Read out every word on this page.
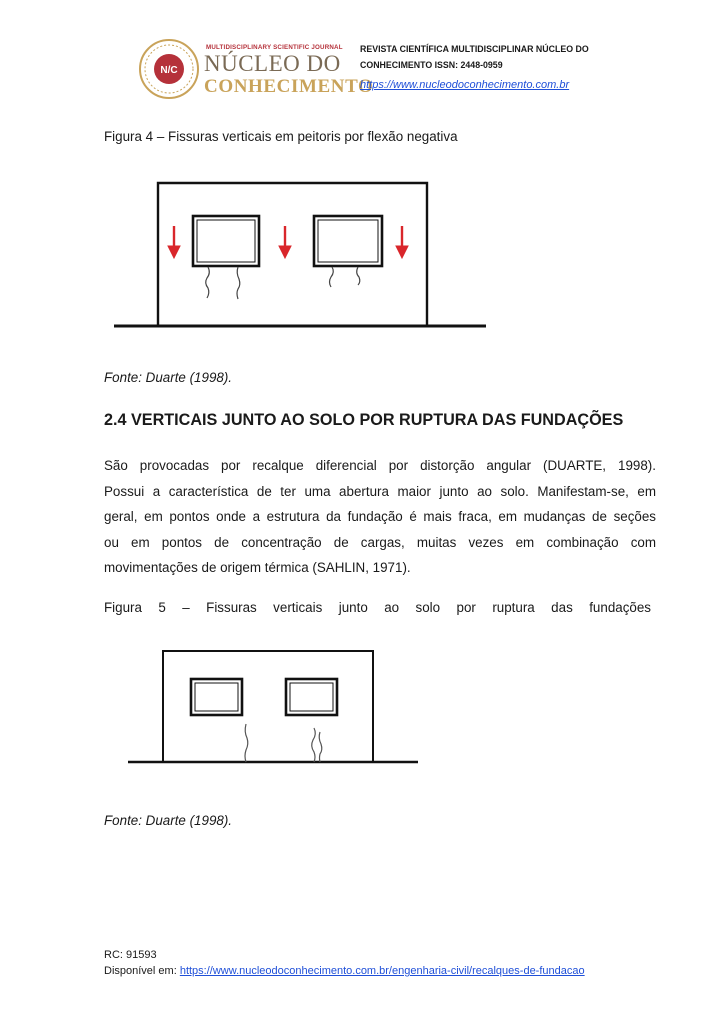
N/C
MULTIDISCIPLINARY SCIENTIFIC JOURNAL
NÚCLEO DO
CONHECIMENTO
REVISTA CIENTÍFICA MULTIDISCIPLINAR NÚCLEO DO
CONHECIMENTO ISSN: 2448-0959
https://www.nucleodoconhecimento.com.br
Figura 4 – Fissuras verticais em peitoris por flexão negativa
Fonte: Duarte (1998).
2.4 VERTICAIS JUNTO AO SOLO POR RUPTURA DAS FUNDAÇÕES
São provocadas por recalque diferencial por distorção angular (DUARTE, 1998).
Possui a característica de ter uma abertura maior junto ao solo. Manifestam-se, em
geral, em pontos onde a estrutura da fundação é mais fraca, em mudanças de seções
ou em pontos de concentração de cargas, muitas vezes em combinação com
movimentações de origem térmica (SAHLIN, 1971).
Figura 5 – Fissuras verticais junto ao solo por ruptura das fundações
Fonte: Duarte (1998).
RC: 91593
Disponível em: https://www.nucleodoconhecimento.com.br/engenharia-civil/recalques-de-fundacao
